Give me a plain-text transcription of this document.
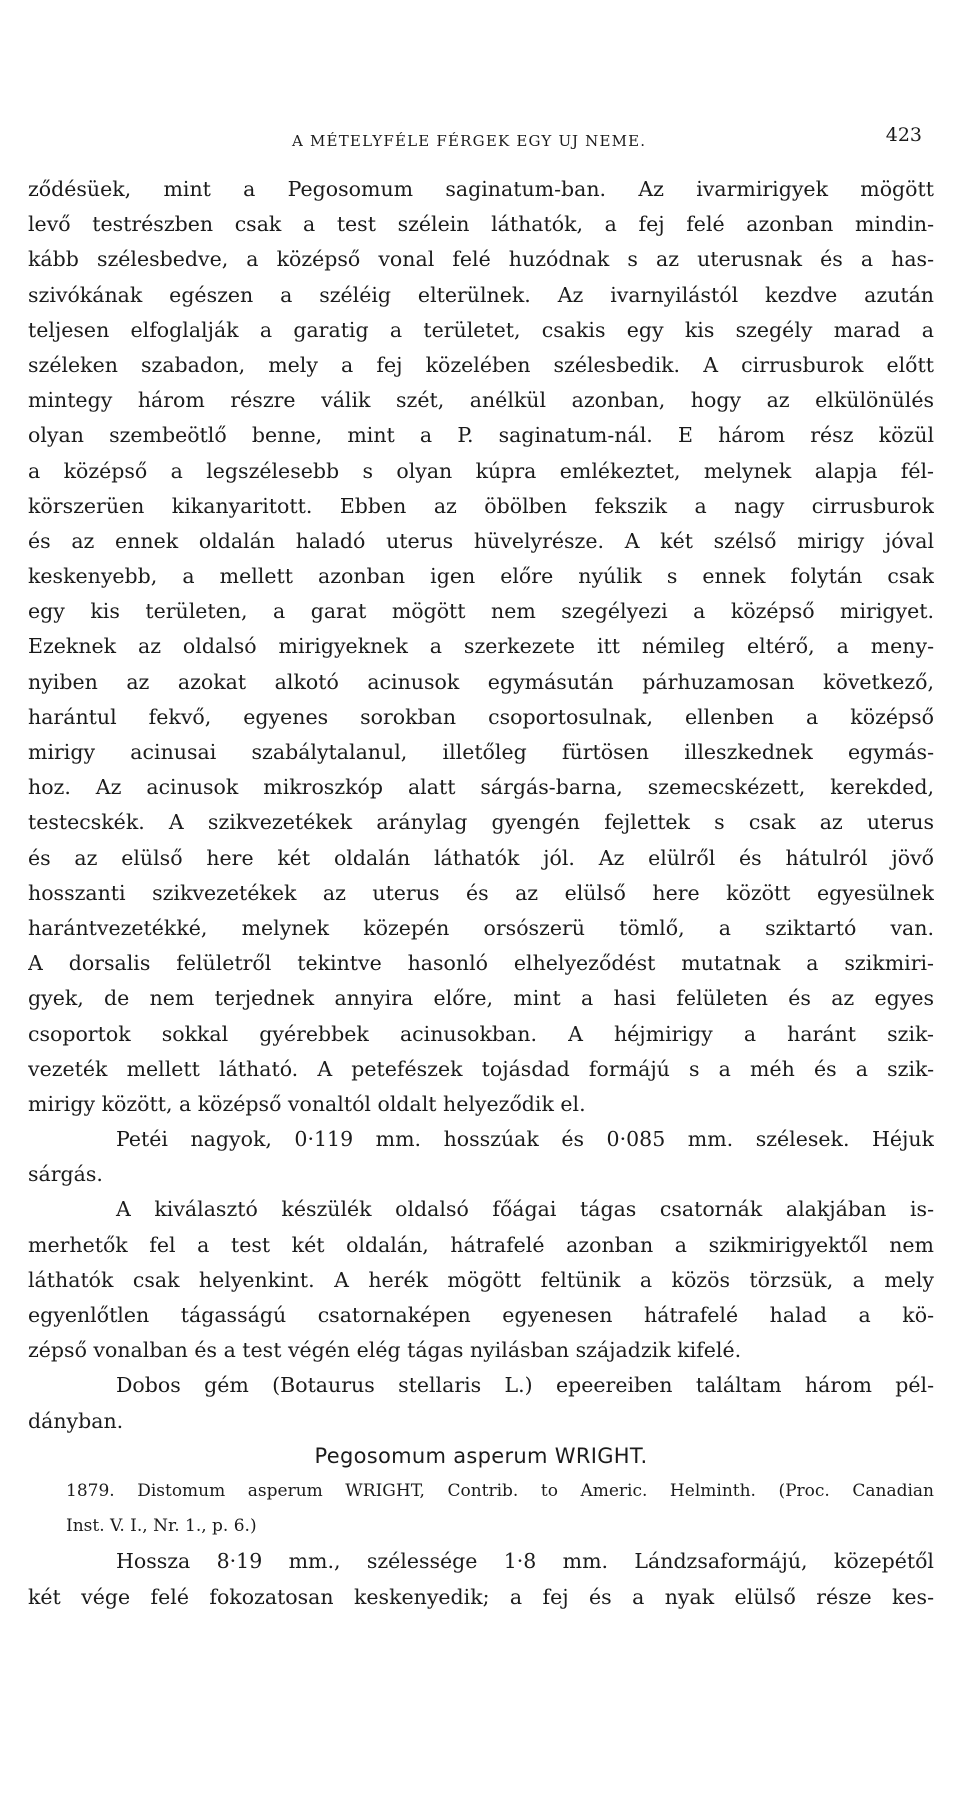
A MÉTELYFÉLE FÉRGEK EGY UJ NEME.	423
ződésüek, mint a Pegosomum saginatum-ban. Az ivarmirigyek mögött
levő testrészben csak a test szélein láthatók, a fej felé azonban mindin-
kább szélesbedve, a középső vonal felé huzódnak s az uterusnak és a has-
szivókának egészen a széléig elterülnek. Az ivarnyilástól kezdve azután
teljesen elfoglalják a garatig a területet, csakis egy kis szegély marad a
széleken szabadon, mely a fej közelében szélesbedik. A cirrusburok előtt
mintegy három részre válik szét, anélkül azonban, hogy az elkülönülés
olyan szembeötlő benne, mint a P. saginatum-nál. E három rész közül
a középső a legszélesebb s olyan kúpra emlékeztet, melynek alapja fél-
körszerüen kikanyaritott. Ebben az öbölben fekszik a nagy cirrusburok
és az ennek oldalán haladó uterus hüvelyrésze. A két szélső mirigy jóval
keskenyebb, a mellett azonban igen előre nyúlik s ennek folytán csak
egy kis területen, a garat mögött nem szegélyezi a középső mirigyet.
Ezeknek az oldalsó mirigyeknek a szerkezete itt némileg eltérő, a meny-
nyiben az azokat alkotó acinusok egymásután párhuzamosan következő,
harántul fekvő, egyenes sorokban csoportosulnak, ellenben a középső
mirigy acinusai szabálytalanul, illetőleg fürtösen illeszkednek egymás-
hoz. Az acinusok mikroszkóp alatt sárgás-barna, szemecskézett, kerekded,
testecskék. A szikvezetékek aránylag gyengén fejlettek s csak az uterus
és az elülső here két oldalán láthatók jól. Az elülről és hátulról jövő
hosszanti szikvezetékek az uterus és az elülső here között egyesülnek
harántvezetékké, melynek közepén orsószerü tömlő, a sziktartó van.
A dorsalis felületről tekintve hasonló elhelyeződést mutatnak a szikmiri-
gyek, de nem terjednek annyira előre, mint a hasi felületen és az egyes
csoportok sokkal gyérebbek acinusokban. A héjmirigy a haránt szik-
vezeték mellett látható. A petefészek tojásdad formájú s a méh és a szik-
mirigy között, a középső vonaltól oldalt helyeződik el.
Petéi nagyok, 0·119 mm. hosszúak és 0·085 mm. szélesek. Héjuk
sárgás.
A kiválasztó készülék oldalsó főágai tágas csatornák alakjában is-
merhetők fel a test két oldalán, hátrafelé azonban a szikmirigyektől nem
láthatók csak helyenkint. A herék mögött feltünik a közös törzsük, a mely
egyenlőtlen tágasságú csatornaképen egyenesen hátrafelé halad a kö-
zépső vonalban és a test végén elég tágas nyilásban szájadzik kifelé.
Dobos gém (Botaurus stellaris L.) epeereiben találtam három pél-
dányban.
Pegosomum asperum WRIGHT.
1879. Distomum asperum WRIGHT, Contrib. to Americ. Helminth. (Proc. Canadian
Inst. V. I., Nr. 1., p. 6.)
Hossza 8·19 mm., szélessége 1·8 mm. Lándzsaformájú, közepétől
két vége felé fokozatosan keskenyedik; a fej és a nyak elülső része kes-
